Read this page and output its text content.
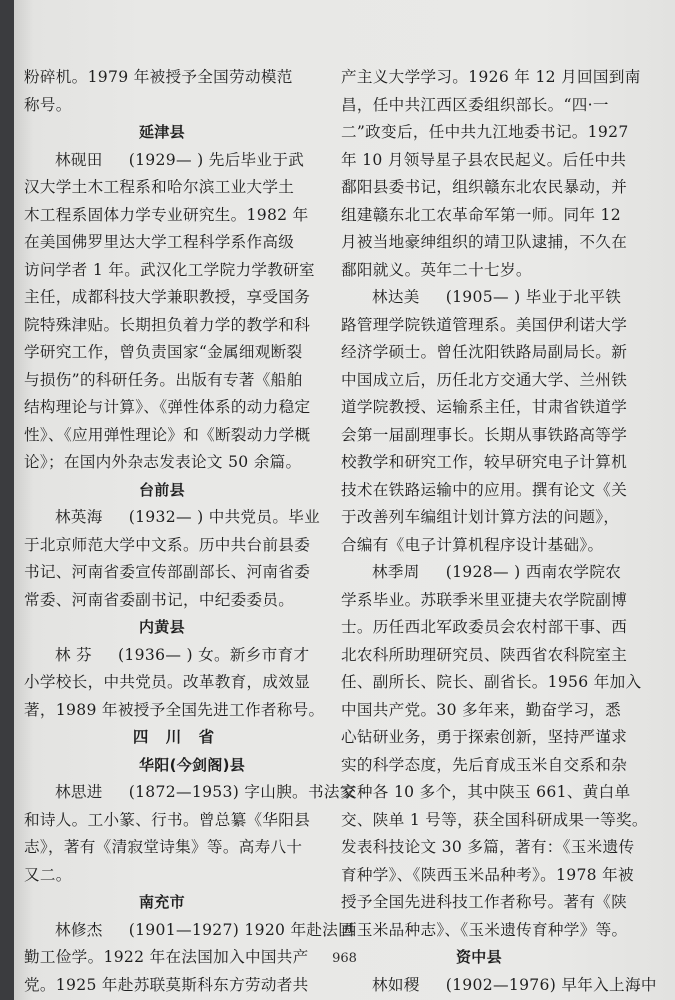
粉碎机。1979 年被授予全国劳动模范
称号。
延津县
林砚田 (1929— ) 先后毕业于武
汉大学土木工程系和哈尔滨工业大学土
木工程系固体力学专业研究生。1982 年
在美国佛罗里达大学工程科学系作高级
访问学者 1 年。武汉化工学院力学教研室
主任，成都科技大学兼职教授，享受国务
院特殊津贴。长期担负着力学的教学和科
学研究工作，曾负责国家“金属细观断裂
与损伤”的科研任务。出版有专著《船舶
结构理论与计算》、《弹性体系的动力稳定
性》、《应用弹性理论》和《断裂动力学概
论》；在国内外杂志发表论文 50 余篇。
台前县
林英海 (1932— ) 中共党员。毕业
于北京师范大学中文系。历中共台前县委
书记、河南省委宣传部副部长、河南省委
常委、河南省委副书记，中纪委委员。
内黄县
林 芬 (1936— ) 女。新乡市育才
小学校长，中共党员。改革教育，成效显
著，1989 年被授予全国先进工作者称号。
四 川 省
华阳(今剑阁)县
林思进 (1872—1953) 字山腴。书法家
和诗人。工小篆、行书。曾总纂《华阳县
志》，著有《清寂堂诗集》等。高寿八十
又二。
南充市
林修杰 (1901—1927) 1920 年赴法国
勤工俭学。1922 年在法国加入中国共产
党。1925 年赴苏联莫斯科东方劳动者共
产主义大学学习。1926 年 12 月回国到南
昌，任中共江西区委组织部长。“四·一
二”政变后，任中共九江地委书记。1927
年 10 月领导星子县农民起义。后任中共
鄱阳县委书记，组织赣东北农民暴动，并
组建赣东北工农革命军第一师。同年 12
月被当地豪绅组织的靖卫队逮捕，不久在
鄱阳就义。英年二十七岁。
林达美 (1905— ) 毕业于北平铁
路管理学院铁道管理系。美国伊利诺大学
经济学硕士。曾任沈阳铁路局副局长。新
中国成立后，历任北方交通大学、兰州铁
道学院教授、运输系主任，甘肃省铁道学
会第一届副理事长。长期从事铁路高等学
校教学和研究工作，较早研究电子计算机
技术在铁路运输中的应用。撰有论文《关
于改善列车编组计划计算方法的问题》，
合编有《电子计算机程序设计基础》。
林季周 (1928— ) 西南农学院农
学系毕业。苏联季米里亚捷夫农学院副博
士。历任西北军政委员会农村部干事、西
北农科所助理研究员、陕西省农科院室主
任、副所长、院长、副省长。1956 年加入
中国共产党。30 多年来，勤奋学习，悉
心钻研业务，勇于探索创新，坚持严谨求
实的科学态度，先后育成玉米自交系和杂
交种各 10 多个，其中陕玉 661、黄白单
交、陕单 1 号等，获全国科研成果一等奖。
发表科技论文 30 多篇，著有：《玉米遗传
育种学》、《陕西玉米品种考》。1978 年被
授予全国先进科技工作者称号。著有《陕
西玉米品种志》、《玉米遗传育种学》等。
资中县
林如稷 (1902—1976) 早年入上海中
968
